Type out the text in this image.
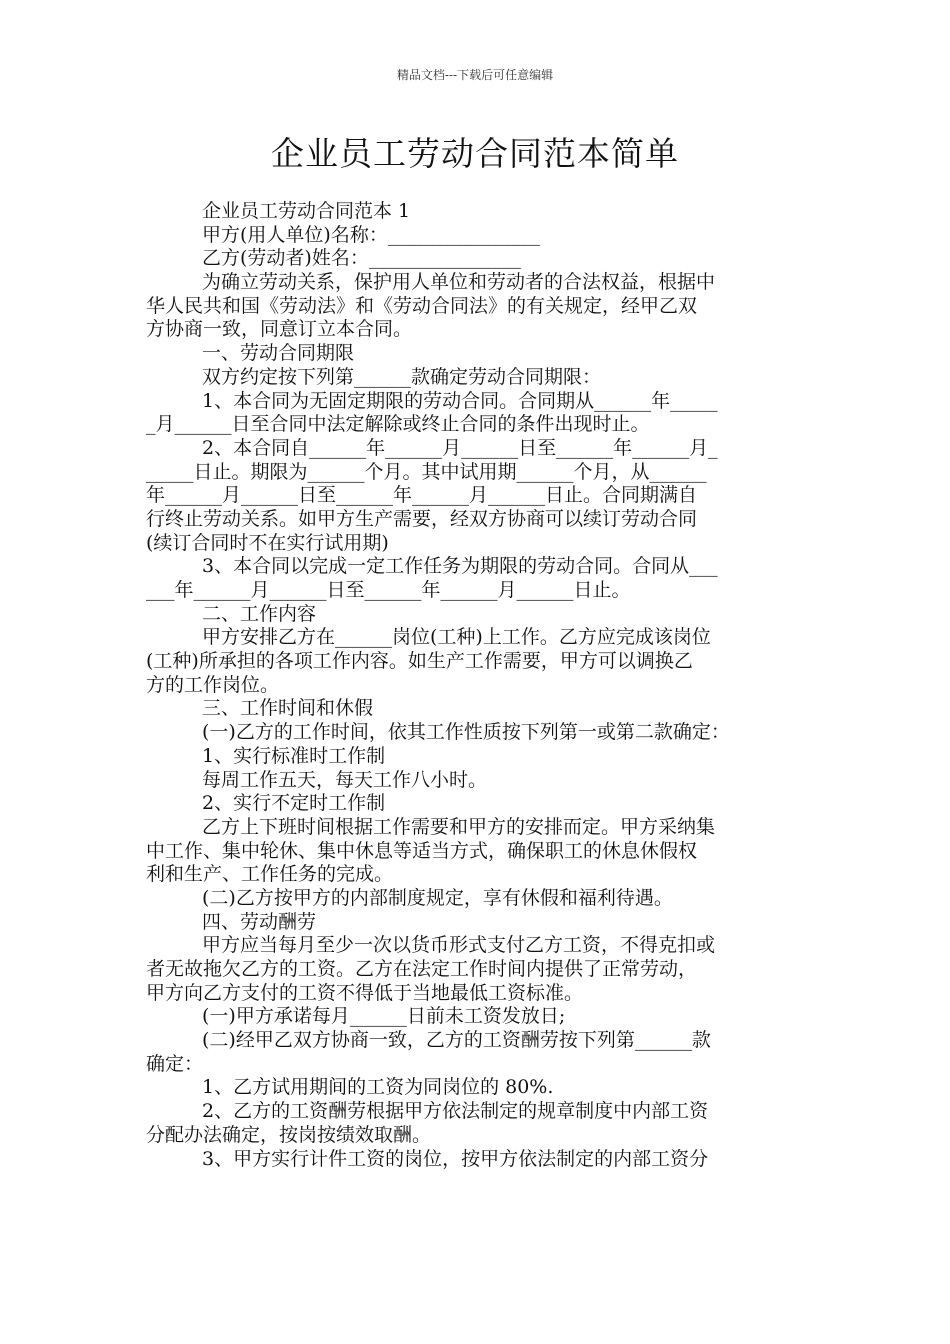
精品文档---下载后可任意编辑
企业员工劳动合同范本简单
企业员工劳动合同范本 1
甲方(用人单位)名称：________________
乙方(劳动者)姓名：________________
为确立劳动关系，保护用人单位和劳动者的合法权益，根据中
华人民共和国《劳动法》和《劳动合同法》的有关规定，经甲乙双
方协商一致，同意订立本合同。
一、劳动合同期限
双方约定按下列第______款确定劳动合同期限：
1、本合同为无固定期限的劳动合同。合同期从______年_____
_月______日至合同中法定解除或终止合同的条件出现时止。
2、本合同自______年______月______日至______年______月_
_____日止。期限为______个月。其中试用期______个月，从______
年______月______日至______年______月______日止。合同期满自
行终止劳动关系。如甲方生产需要，经双方协商可以续订劳动合同
(续订合同时不在实行试用期)
3、本合同以完成一定工作任务为期限的劳动合同。合同从___
___年______月______日至______年______月______日止。
二、工作内容
甲方安排乙方在______岗位(工种)上工作。乙方应完成该岗位
(工种)所承担的各项工作内容。如生产工作需要，甲方可以调换乙
方的工作岗位。
三、工作时间和休假
(一)乙方的工作时间，依其工作性质按下列第一或第二款确定：
1、实行标准时工作制
每周工作五天，每天工作八小时。
2、实行不定时工作制
乙方上下班时间根据工作需要和甲方的安排而定。甲方采纳集
中工作、集中轮休、集中休息等适当方式，确保职工的休息休假权
利和生产、工作任务的完成。
(二)乙方按甲方的内部制度规定，享有休假和福利待遇。
四、劳动酬劳
甲方应当每月至少一次以货币形式支付乙方工资，不得克扣或
者无故拖欠乙方的工资。乙方在法定工作时间内提供了正常劳动，
甲方向乙方支付的工资不得低于当地最低工资标准。
(一)甲方承诺每月______日前未工资发放日;
(二)经甲乙双方协商一致，乙方的工资酬劳按下列第______款
确定：
1、乙方试用期间的工资为同岗位的 80%.
2、乙方的工资酬劳根据甲方依法制定的规章制度中内部工资
分配办法确定，按岗按绩效取酬。
3、甲方实行计件工资的岗位，按甲方依法制定的内部工资分
